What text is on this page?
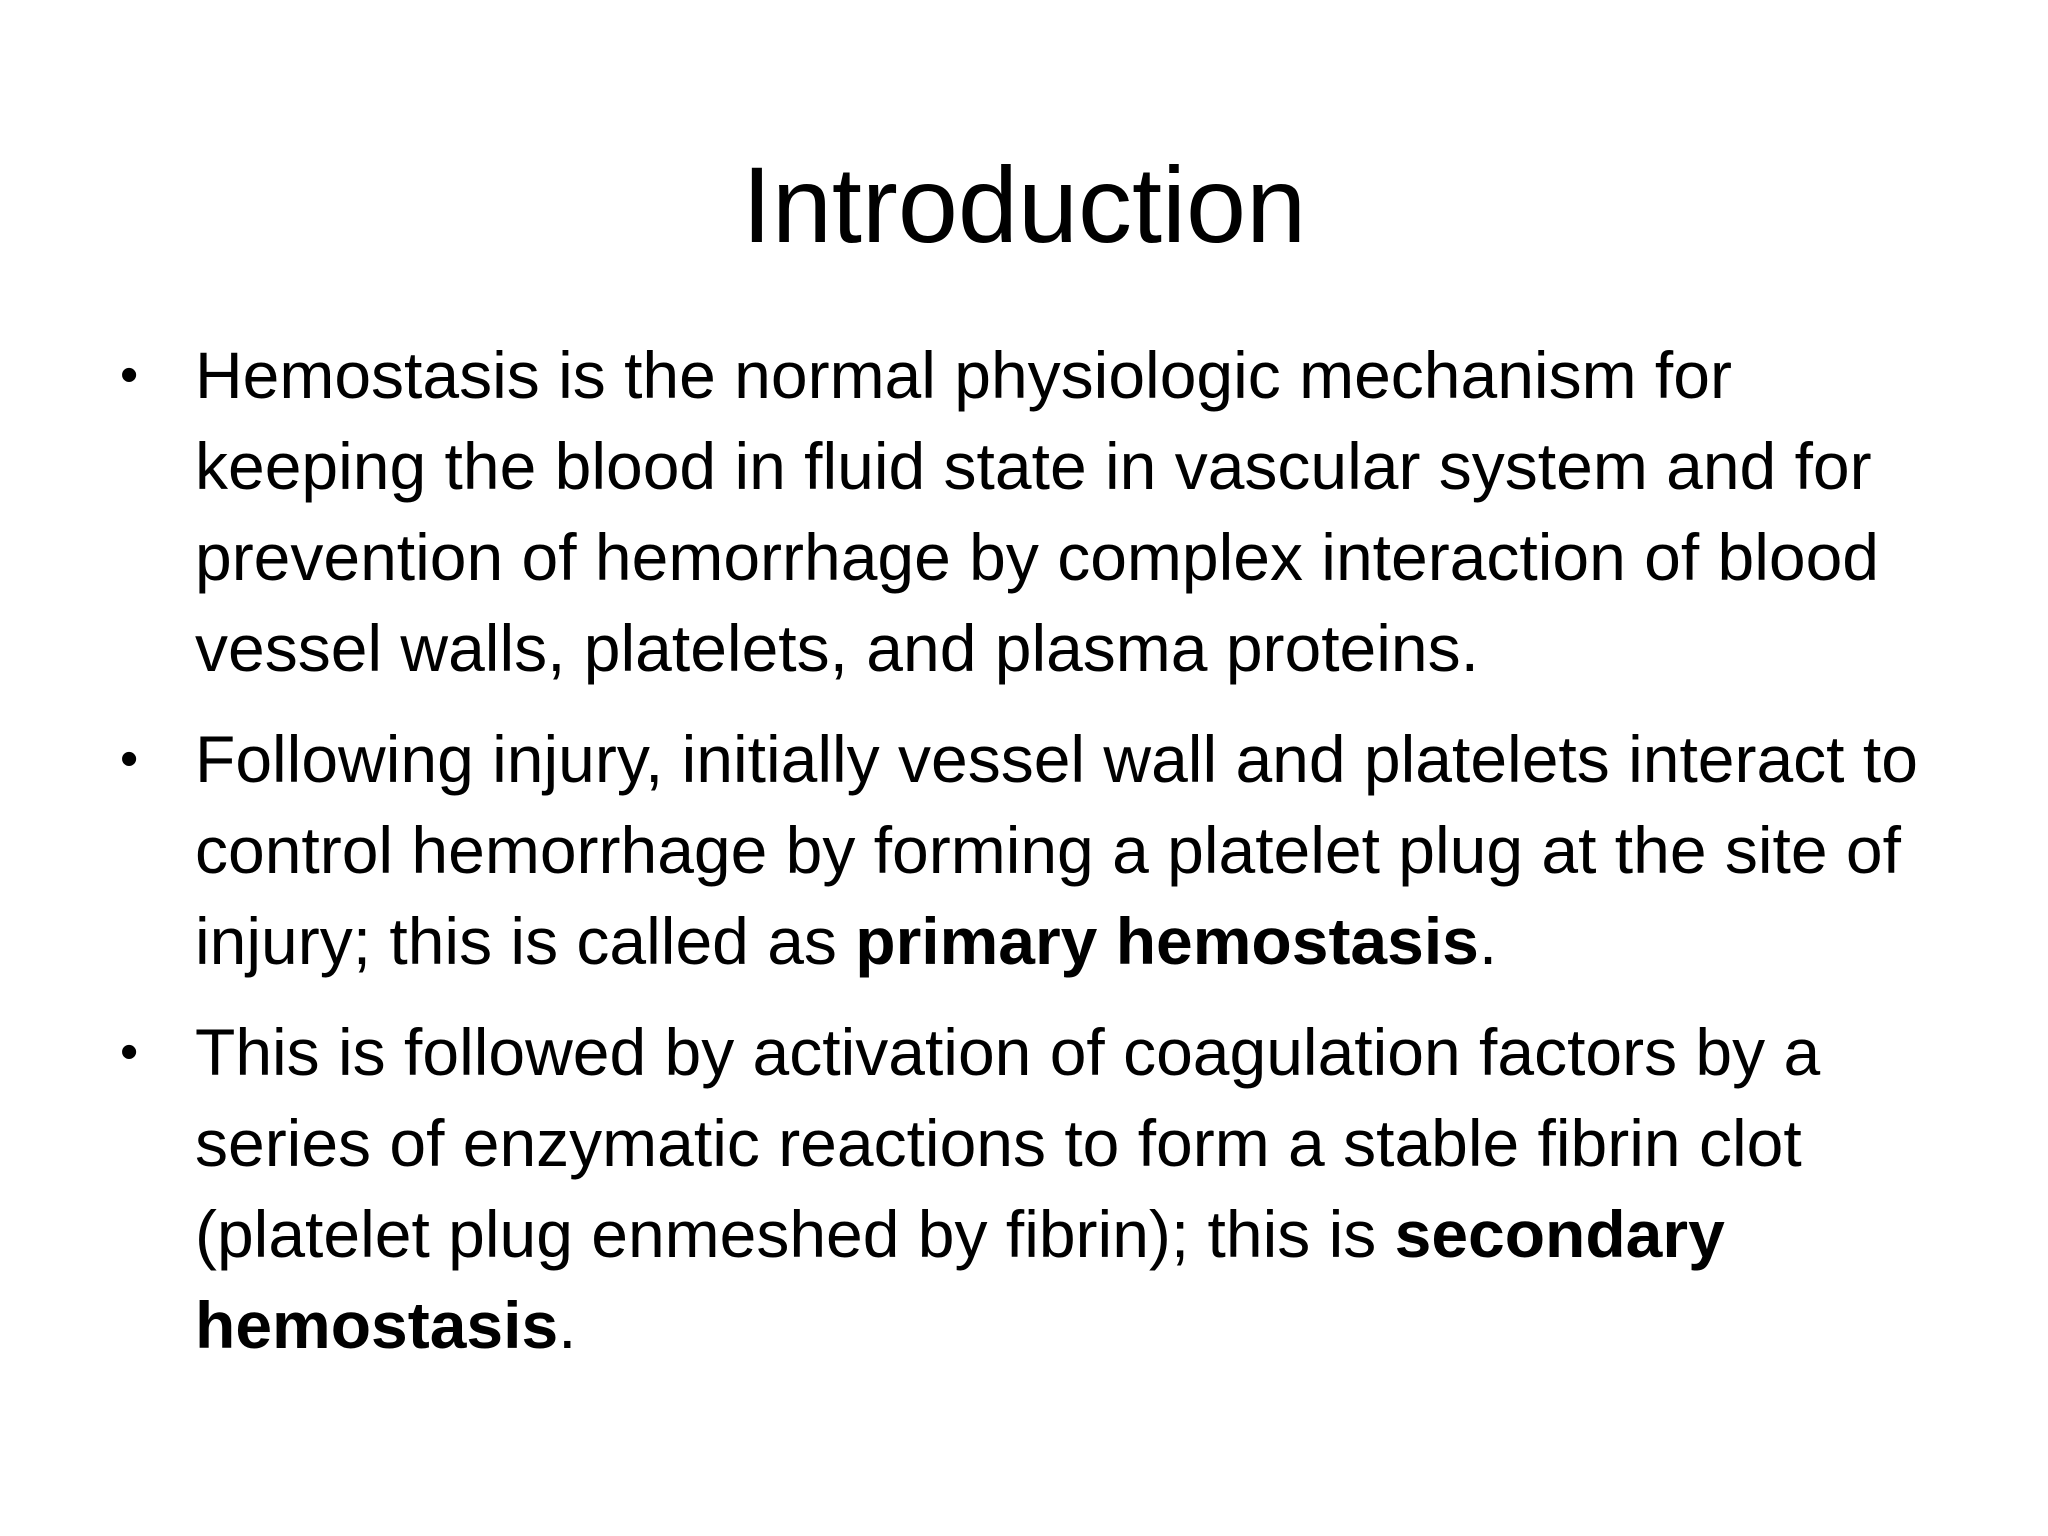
Introduction
• Hemostasis is the normal physiologic mechanism for keeping the blood in fluid state in vascular system and for prevention of hemorrhage by complex interaction of blood vessel walls, platelets, and plasma proteins.
• Following injury, initially vessel wall and platelets interact to control hemorrhage by forming a platelet plug at the site of injury; this is called as primary hemostasis.
• This is followed by activation of coagulation factors by a series of enzymatic reactions to form a stable fibrin clot (platelet plug enmeshed by fibrin); this is secondary hemostasis.
